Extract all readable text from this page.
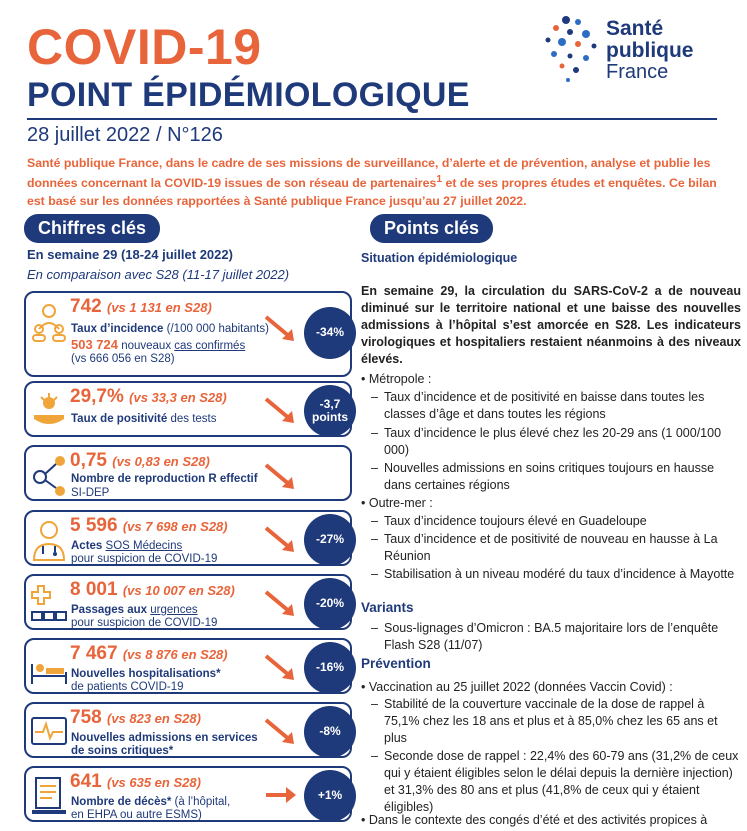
COVID-19
POINT ÉPIDÉMIOLOGIQUE
28 juillet 2022 / N°126
Santé
publique
France
Santé publique France, dans le cadre de ses missions de surveillance, d’alerte et de prévention, analyse et publie les données concernant la COVID-19 issues de son réseau de partenaires$^1$ et de ses propres études et enquêtes. Ce bilan est basé sur les données rapportées à Santé publique France jusqu’au 27 juillet 2022.
Chiffres clés
En semaine 29 (18-24 juillet 2022)
En comparaison avec S28 (11-17 juillet 2022)
742 (vs 1 131 en S28)
Taux d’incidence (/100 000 habitants)
503 724 nouveaux cas confirmés
(vs 666 056 en S28)
-34%
29,7% (vs 33,3 en S28)
Taux de positivité des tests
-3,7 points
0,75 (vs 0,83 en S28)
Nombre de reproduction R effectif
SI-DEP
5 596 (vs 7 698 en S28)
Actes SOS Médecins
pour suspicion de COVID-19
-27%
8 001 (vs 10 007 en S28)
Passages aux urgences
pour suspicion de COVID-19
-20%
7 467 (vs 8 876 en S28)
Nouvelles hospitalisations*
de patients COVID-19
-16%
758 (vs 823 en S28)
Nouvelles admissions en services
de soins critiques*
-8%
641 (vs 635 en S28)
Nombre de décès* (à l’hôpital,
en EHPA ou autre ESMS)
+1%
Points clés
Situation épidémiologique
En semaine 29, la circulation du SARS-CoV-2 a de nouveau diminué sur le territoire national et une baisse des nouvelles admissions à l’hôpital s’est amorcée en S28. Les indicateurs virologiques et hospitaliers restaient néanmoins à des niveaux élevés.
• Métropole :
– Taux d’incidence et de positivité en baisse dans toutes les classes d’âge et dans toutes les régions
– Taux d’incidence le plus élevé chez les 20-29 ans (1 000/100 000)
– Nouvelles admissions en soins critiques toujours en hausse dans certaines régions
• Outre-mer :
– Taux d’incidence toujours élevé en Guadeloupe
– Taux d’incidence et de positivité de nouveau en hausse à La Réunion
– Stabilisation à un niveau modéré du taux d’incidence à Mayotte
Variants
– Sous-lignages d’Omicron : BA.5 majoritaire lors de l’enquête Flash S28 (11/07)
Prévention
• Vaccination au 25 juillet 2022 (données Vaccin Covid) :
– Stabilité de la couverture vaccinale de la dose de rappel à 75,1% chez les 18 ans et plus et à 85,0% chez les 65 ans et plus
– Seconde dose de rappel : 22,4% des 60-79 ans (31,2% de ceux qui y étaient éligibles selon le délai depuis la dernière injection) et 31,3% des 80 ans et plus (41,8% de ceux qui y étaient éligibles)
• Dans le contexte des congés d’été et des activités propices à
